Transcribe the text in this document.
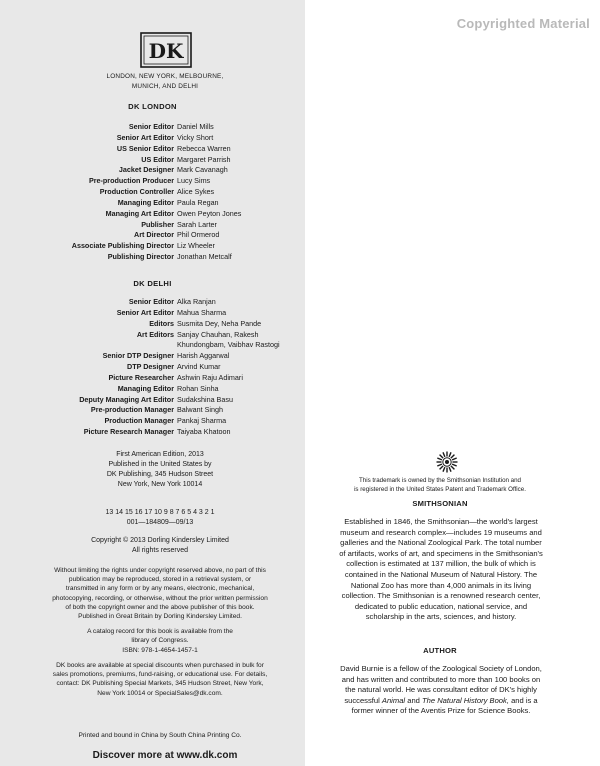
Copyrighted Material
DK
LONDON, NEW YORK, MELBOURNE,
MUNICH, AND DELHI
DK LONDON
Senior Editor Daniel Mills
Senior Art Editor Vicky Short
US Senior Editor Rebecca Warren
US Editor Margaret Parrish
Jacket Designer Mark Cavanagh
Pre-production Producer Lucy Sims
Production Controller Alice Sykes
Managing Editor Paula Regan
Managing Art Editor Owen Peyton Jones
Publisher Sarah Larter
Art Director Phil Ormerod
Associate Publishing Director Liz Wheeler
Publishing Director Jonathan Metcalf
DK DELHI
Senior Editor Alka Ranjan
Senior Art Editor Mahua Sharma
Editors Susmita Dey, Neha Pande
Art Editors Sanjay Chauhan, Rakesh Khundongbam, Vaibhav Rastogi
Senior DTP Designer Harish Aggarwal
DTP Designer Arvind Kumar
Picture Researcher Ashwin Raju Adimari
Managing Editor Rohan Sinha
Deputy Managing Art Editor Sudakshina Basu
Pre-production Manager Balwant Singh
Production Manager Pankaj Sharma
Picture Research Manager Taiyaba Khatoon
First American Edition, 2013
Published in the United States by
DK Publishing, 345 Hudson Street
New York, New York 10014
13 14 15 16 17 10 9 8 7 6 5 4 3 2 1
001—184809—09/13
Copyright © 2013 Dorling Kindersley Limited
All rights reserved
Without limiting the rights under copyright reserved above, no part of this publication may be reproduced, stored in a retrieval system, or transmitted in any form or by any means, electronic, mechanical, photocopying, recording, or otherwise, without the prior written permission of both the copyright owner and the above publisher of this book. Published in Great Britain by Dorling Kindersley Limited.
A catalog record for this book is available from the
library of Congress.
ISBN: 978-1-4654-1457-1
DK books are available at special discounts when purchased in bulk for sales promotions, premiums, fund-raising, or educational use. For details, contact: DK Publishing Special Markets, 345 Hudson Street, New York, New York 10014 or SpecialSales@dk.com.
Printed and bound in China by South China Printing Co.
Discover more at www.dk.com
This trademark is owned by the Smithsonian Institution and
is registered in the United States Patent and Trademark Office.
SMITHSONIAN
Established in 1846, the Smithsonian—the world's largest museum and research complex—includes 19 museums and galleries and the National Zoological Park. The total number of artifacts, works of art, and specimens in the Smithsonian's collection is estimated at 137 million, the bulk of which is contained in the National Museum of Natural History. The National Zoo has more than 4,000 animals in its living collection. The Smithsonian is a renowned research center, dedicated to public education, national service, and scholarship in the arts, sciences, and history.
AUTHOR
David Burnie is a fellow of the Zoological Society of London, and has written and contributed to more than 100 books on the natural world. He was consultant editor of DK's highly successful Animal and The Natural History Book, and is a former winner of the Aventis Prize for Science Books.
